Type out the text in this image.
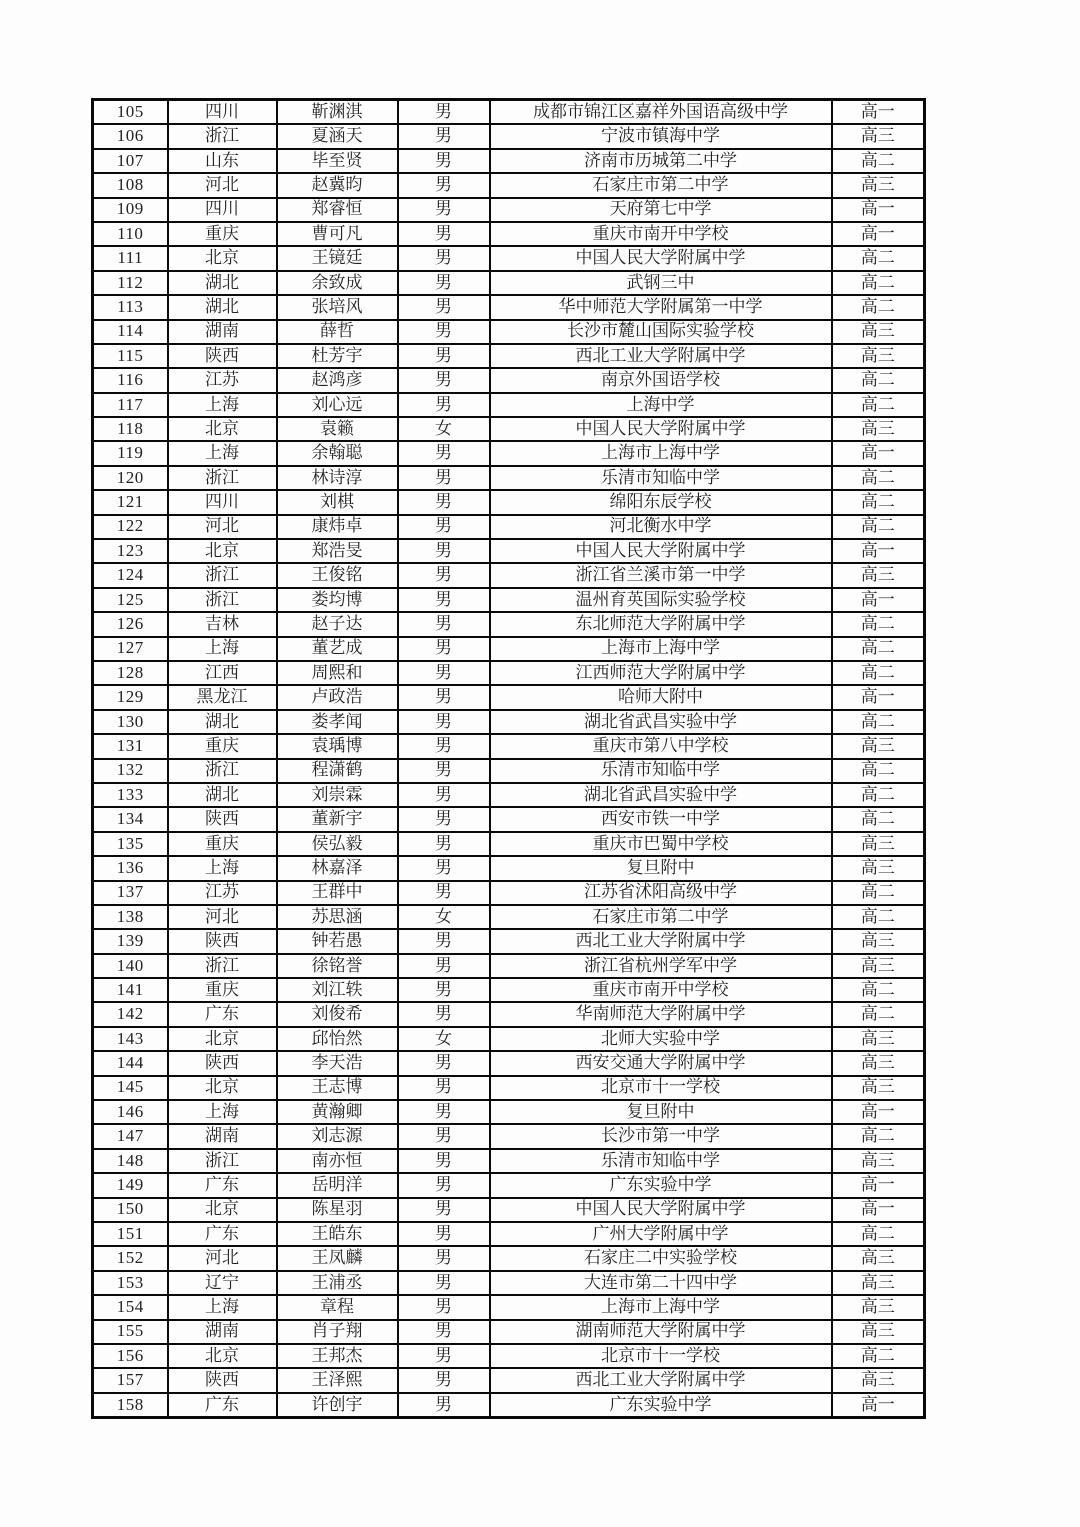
105	四川	靳渊淇	男	成都市锦江区嘉祥外国语高级中学	高一
106	浙江	夏涵天	男	宁波市镇海中学	高三
107	山东	毕至贤	男	济南市历城第二中学	高二
108	河北	赵冀昀	男	石家庄市第二中学	高三
109	四川	郑睿恒	男	天府第七中学	高一
110	重庆	曹可凡	男	重庆市南开中学校	高一
111	北京	王镜廷	男	中国人民大学附属中学	高二
112	湖北	余致成	男	武钢三中	高二
113	湖北	张培风	男	华中师范大学附属第一中学	高二
114	湖南	薛哲	男	长沙市麓山国际实验学校	高三
115	陕西	杜芳宇	男	西北工业大学附属中学	高三
116	江苏	赵鸿彦	男	南京外国语学校	高二
117	上海	刘心远	男	上海中学	高二
118	北京	袁籁	女	中国人民大学附属中学	高三
119	上海	余翰聪	男	上海市上海中学	高一
120	浙江	林诗淳	男	乐清市知临中学	高二
121	四川	刘棋	男	绵阳东辰学校	高二
122	河北	康炜卓	男	河北衡水中学	高二
123	北京	郑浩旻	男	中国人民大学附属中学	高一
124	浙江	王俊铭	男	浙江省兰溪市第一中学	高三
125	浙江	娄均博	男	温州育英国际实验学校	高一
126	吉林	赵子达	男	东北师范大学附属中学	高二
127	上海	董艺成	男	上海市上海中学	高二
128	江西	周熙和	男	江西师范大学附属中学	高二
129	黑龙江	卢政浩	男	哈师大附中	高一
130	湖北	娄孝闻	男	湖北省武昌实验中学	高二
131	重庆	袁瑀博	男	重庆市第八中学校	高三
132	浙江	程潇鹤	男	乐清市知临中学	高二
133	湖北	刘崇霖	男	湖北省武昌实验中学	高二
134	陕西	董新宇	男	西安市铁一中学	高二
135	重庆	侯弘毅	男	重庆市巴蜀中学校	高三
136	上海	林嘉泽	男	复旦附中	高三
137	江苏	王群中	男	江苏省沭阳高级中学	高二
138	河北	苏思涵	女	石家庄市第二中学	高二
139	陕西	钟若愚	男	西北工业大学附属中学	高三
140	浙江	徐铭誉	男	浙江省杭州学军中学	高三
141	重庆	刘江轶	男	重庆市南开中学校	高二
142	广东	刘俊希	男	华南师范大学附属中学	高二
143	北京	邱怡然	女	北师大实验中学	高三
144	陕西	李天浩	男	西安交通大学附属中学	高三
145	北京	王志博	男	北京市十一学校	高三
146	上海	黄瀚卿	男	复旦附中	高一
147	湖南	刘志源	男	长沙市第一中学	高二
148	浙江	南亦恒	男	乐清市知临中学	高三
149	广东	岳明洋	男	广东实验中学	高一
150	北京	陈星羽	男	中国人民大学附属中学	高一
151	广东	王皓东	男	广州大学附属中学	高二
152	河北	王凤麟	男	石家庄二中实验学校	高三
153	辽宁	王浦丞	男	大连市第二十四中学	高三
154	上海	章程	男	上海市上海中学	高三
155	湖南	肖子翔	男	湖南师范大学附属中学	高三
156	北京	王邦杰	男	北京市十一学校	高二
157	陕西	王泽熙	男	西北工业大学附属中学	高三
158	广东	许创宇	男	广东实验中学	高一
